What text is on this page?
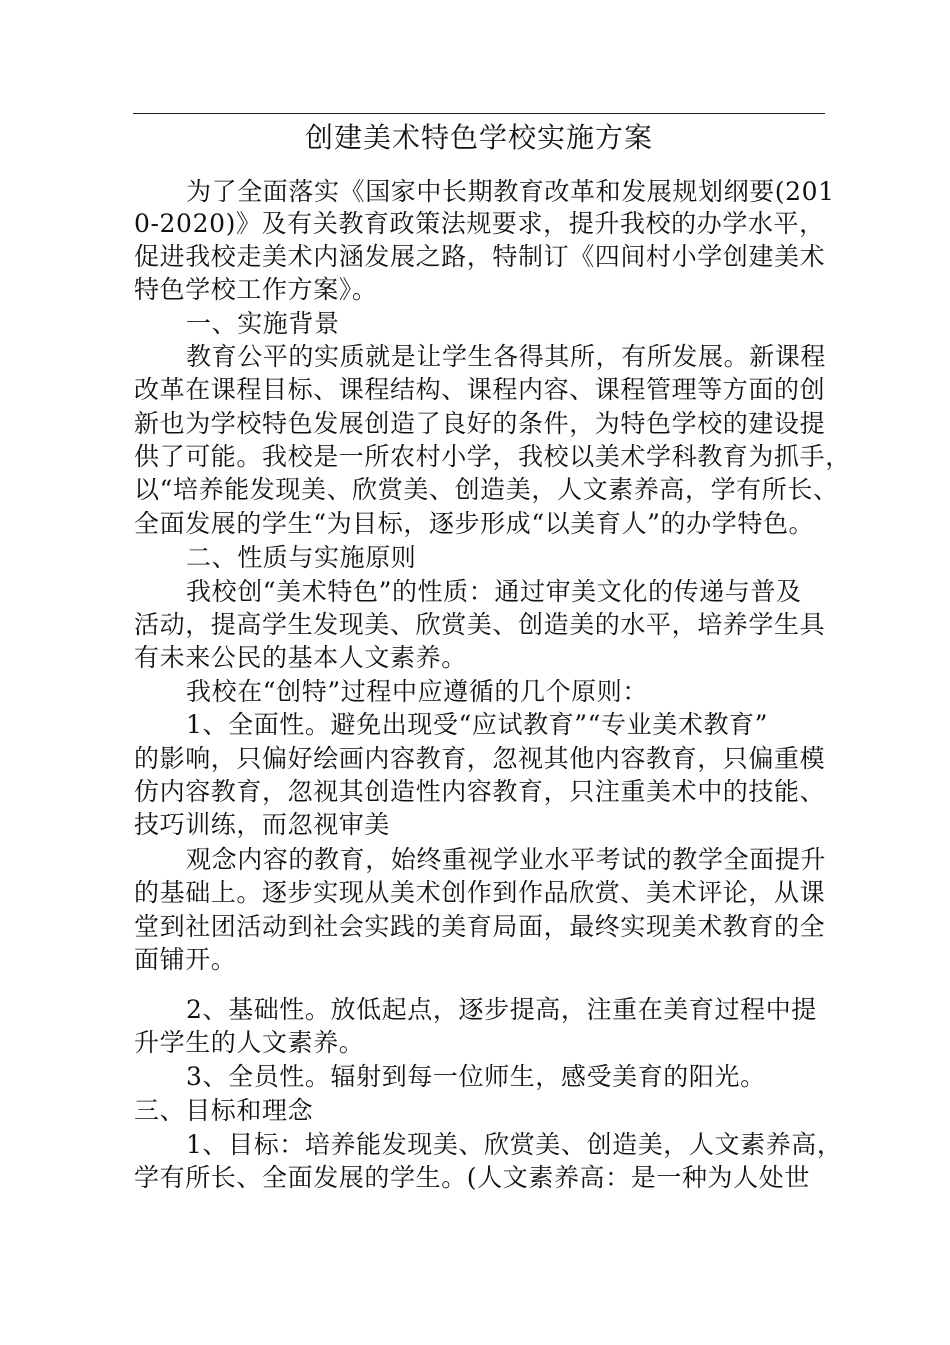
创建美术特色学校实施方案
为了全面落实《国家中长期教育改革和发展规划纲要(201
0-2020)》及有关教育政策法规要求，提升我校的办学水平，
促进我校走美术内涵发展之路，特制订《四间村小学创建美术
特色学校工作方案》。
一、实施背景
教育公平的实质就是让学生各得其所，有所发展。新课程
改革在课程目标、课程结构、课程内容、课程管理等方面的创
新也为学校特色发展创造了良好的条件，为特色学校的建设提
供了可能。我校是一所农村小学，我校以美术学科教育为抓手，
以“培养能发现美、欣赏美、创造美，人文素养高，学有所长、
全面发展的学生“为目标，逐步形成“以美育人”的办学特色。
二、性质与实施原则
我校创“美术特色”的性质：通过审美文化的传递与普及
活动，提高学生发现美、欣赏美、创造美的水平，培养学生具
有未来公民的基本人文素养。
我校在“创特”过程中应遵循的几个原则：
1、全面性。避免出现受“应试教育”“专业美术教育”
的影响，只偏好绘画内容教育，忽视其他内容教育，只偏重模
仿内容教育，忽视其创造性内容教育，只注重美术中的技能、
技巧训练，而忽视审美
观念内容的教育，始终重视学业水平考试的教学全面提升
的基础上。逐步实现从美术创作到作品欣赏、美术评论，从课
堂到社团活动到社会实践的美育局面，最终实现美术教育的全
面铺开。
2、基础性。放低起点，逐步提高，注重在美育过程中提
升学生的人文素养。
3、全员性。辐射到每一位师生，感受美育的阳光。
三、目标和理念
1、目标：培养能发现美、欣赏美、创造美，人文素养高，
学有所长、全面发展的学生。(人文素养高：是一种为人处世
